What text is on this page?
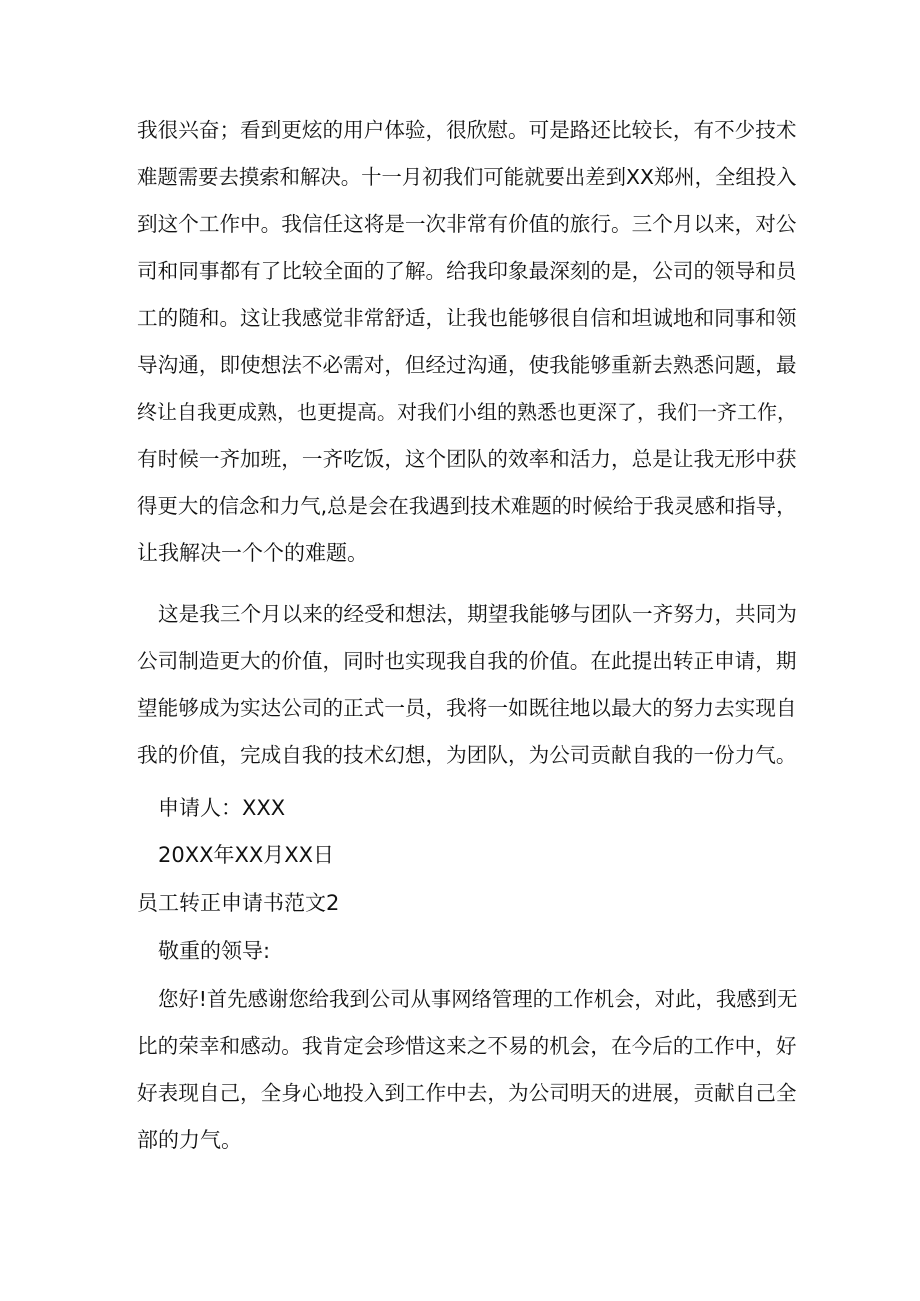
我很兴奋；看到更炫的用户体验，很欣慰。可是路还比较长，有不少技术
难题需要去摸索和解决。十一月初我们可能就要出差到XX郑州，全组投入
到这个工作中。我信任这将是一次非常有价值的旅行。三个月以来，对公
司和同事都有了比较全面的了解。给我印象最深刻的是，公司的领导和员
工的随和。这让我感觉非常舒适，让我也能够很自信和坦诚地和同事和领
导沟通，即使想法不必需对，但经过沟通，使我能够重新去熟悉问题，最
终让自我更成熟，也更提高。对我们小组的熟悉也更深了，我们一齐工作，
有时候一齐加班，一齐吃饭，这个团队的效率和活力，总是让我无形中获
得更大的信念和力气,总是会在我遇到技术难题的时候给于我灵感和指导，
让我解决一个个的难题。
这是我三个月以来的经受和想法，期望我能够与团队一齐努力，共同为
公司制造更大的价值，同时也实现我自我的价值。在此提出转正申请，期
望能够成为实达公司的正式一员，我将一如既往地以最大的努力去实现自
我的价值，完成自我的技术幻想，为团队，为公司贡献自我的一份力气。
申请人：XXX
20XX年XX月XX日
员工转正申请书范文2
敬重的领导:
您好!首先感谢您给我到公司从事网络管理的工作机会，对此，我感到无
比的荣幸和感动。我肯定会珍惜这来之不易的机会，在今后的工作中，好
好表现自己，全身心地投入到工作中去，为公司明天的进展，贡献自己全
部的力气。
